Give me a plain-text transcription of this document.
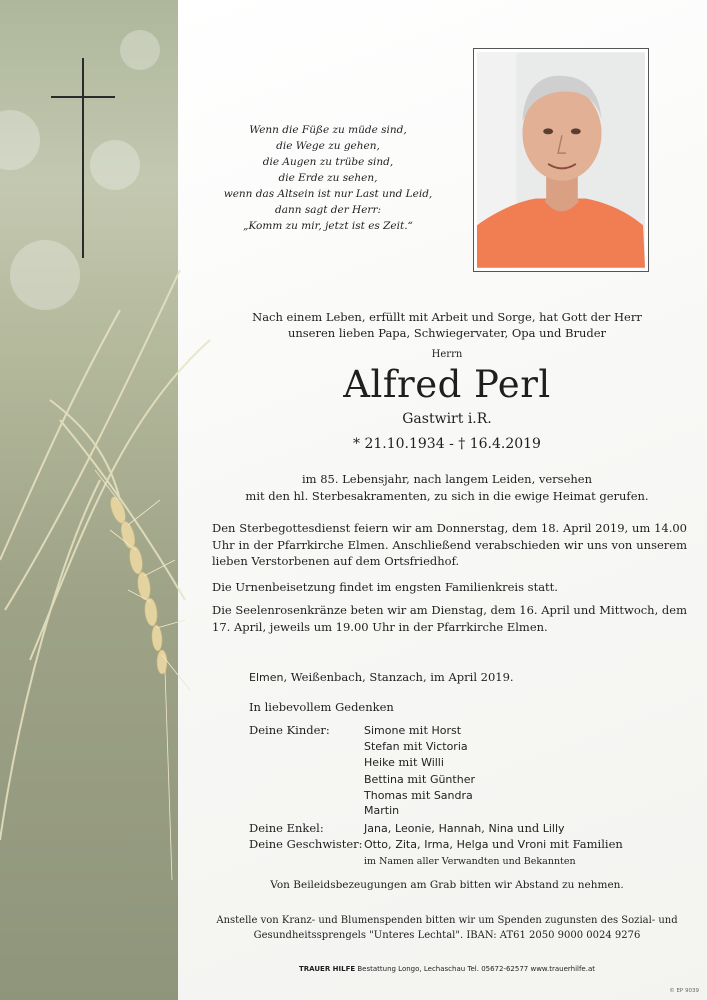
Wenn die Füße zu müde sind,
die Wege zu gehen,
die Augen zu trübe sind,
die Erde zu sehen,
wenn das Altsein ist nur Last und Leid,
dann sagt der Herr:
„Komm zu mir, jetzt ist es Zeit.“
Nach einem Leben, erfüllt mit Arbeit und Sorge, hat Gott der Herr
unseren lieben Papa, Schwiegervater, Opa und Bruder
Herrn
Alfred Perl
Gastwirt i.R.
* 21.10.1934 - † 16.4.2019
im 85. Lebensjahr, nach langem Leiden, versehen
mit den hl. Sterbesakramenten, zu sich in die ewige Heimat gerufen.
Den Sterbegottesdienst feiern wir am Donnerstag, dem 18. April 2019, um 14.00 Uhr in der Pfarrkirche Elmen. Anschließend verabschieden wir uns von unserem lieben Verstorbenen auf dem Ortsfriedhof.
Die Urnenbeisetzung findet im engsten Familienkreis statt.
Die Seelenrosenkränze beten wir am Dienstag, dem 16. April und Mittwoch, dem 17. April, jeweils um 19.00 Uhr in der Pfarrkirche Elmen.
Elmen, Weißenbach, Stanzach, im April 2019.
In liebevollem Gedenken
Deine Kinder:	Simone mit Horst
Stefan mit Victoria
Heike mit Willi
Bettina mit Günther
Thomas mit Sandra
Martin
Deine Enkel:	Jana, Leonie, Hannah, Nina und Lilly
Deine Geschwister: Otto, Zita, Irma, Helga und Vroni mit Familien
im Namen aller Verwandten und Bekannten
Von Beileidsbezeugungen am Grab bitten wir Abstand zu nehmen.
Anstelle von Kranz- und Blumenspenden bitten wir um Spenden zugunsten des Sozial- und
Gesundheitssprengels "Unteres Lechtal". IBAN: AT61 2050 9000 0024 9276
TRAUER HILFE Bestattung Longo, Lechaschau Tel. 05672-62577 www.trauerhilfe.at
© EP 9039
